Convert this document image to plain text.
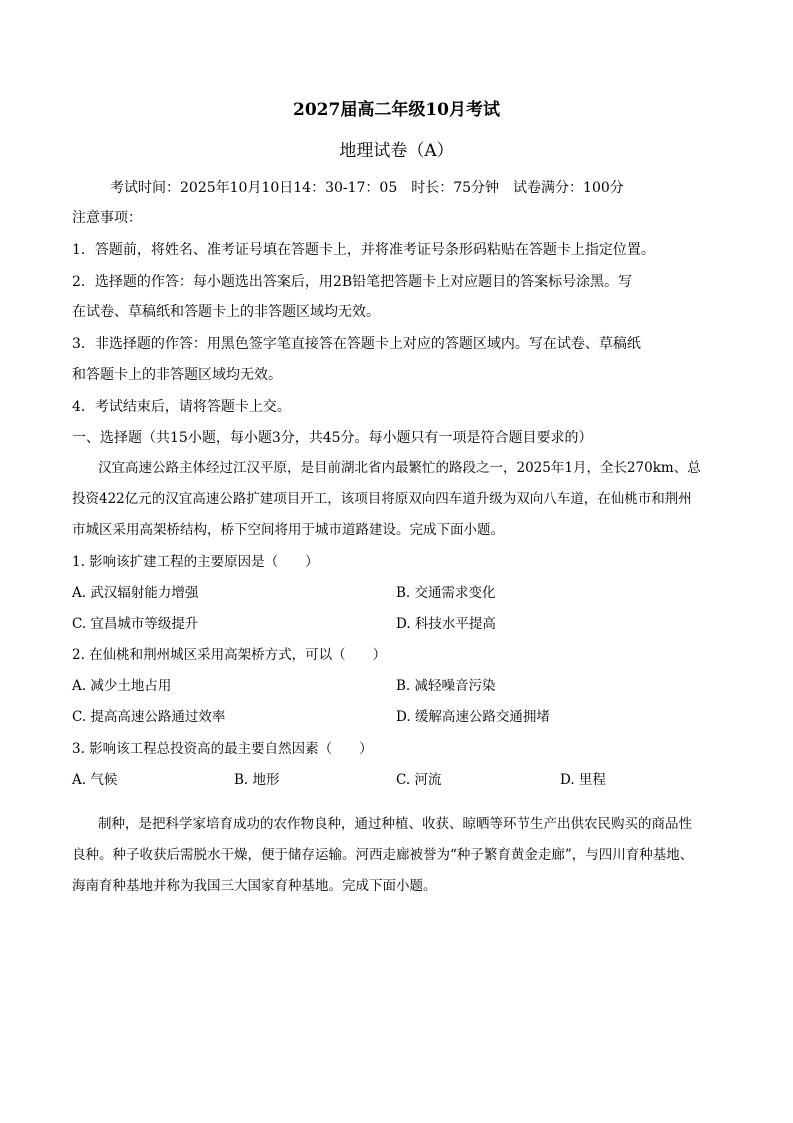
2027届高二年级10月考试
地理试卷（A）
考试时间：2025年10月10日14：30-17：05　时长：75分钟　试卷满分：100分
注意事项：
1．答题前，将姓名、准考证号填在答题卡上，并将准考证号条形码粘贴在答题卡上指定位置。
2．选择题的作答：每小题选出答案后，用2B铅笔把答题卡上对应题目的答案标号涂黑。写
在试卷、草稿纸和答题卡上的非答题区域均无效。
3．非选择题的作答：用黑色签字笔直接答在答题卡上对应的答题区域内。写在试卷、草稿纸
和答题卡上的非答题区域均无效。
4．考试结束后，请将答题卡上交。
一、选择题（共15小题，每小题3分，共45分。每小题只有一项是符合题目要求的）
汉宜高速公路主体经过江汉平原，是目前湖北省内最繁忙的路段之一，2025年1月，全长270km、总
投资422亿元的汉宜高速公路扩建项目开工，该项目将原双向四车道升级为双向八车道，在仙桃市和荆州
市城区采用高架桥结构，桥下空间将用于城市道路建设。完成下面小题。
1. 影响该扩建工程的主要原因是（　　）
A. 武汉辐射能力增强	B. 交通需求变化
C. 宜昌城市等级提升	D. 科技水平提高
2. 在仙桃和荆州城区采用高架桥方式，可以（　　）
A. 减少土地占用	B. 减轻噪音污染
C. 提高高速公路通过效率	D. 缓解高速公路交通拥堵
3. 影响该工程总投资高的最主要自然因素（　　）
A. 气候	B. 地形	C. 河流	D. 里程
制种，是把科学家培育成功的农作物良种，通过种植、收获、晾晒等环节生产出供农民购买的商品性
良种。种子收获后需脱水干燥，便于储存运输。河西走廊被誉为“种子繁育黄金走廊”，与四川育种基地、
海南育种基地并称为我国三大国家育种基地。完成下面小题。
